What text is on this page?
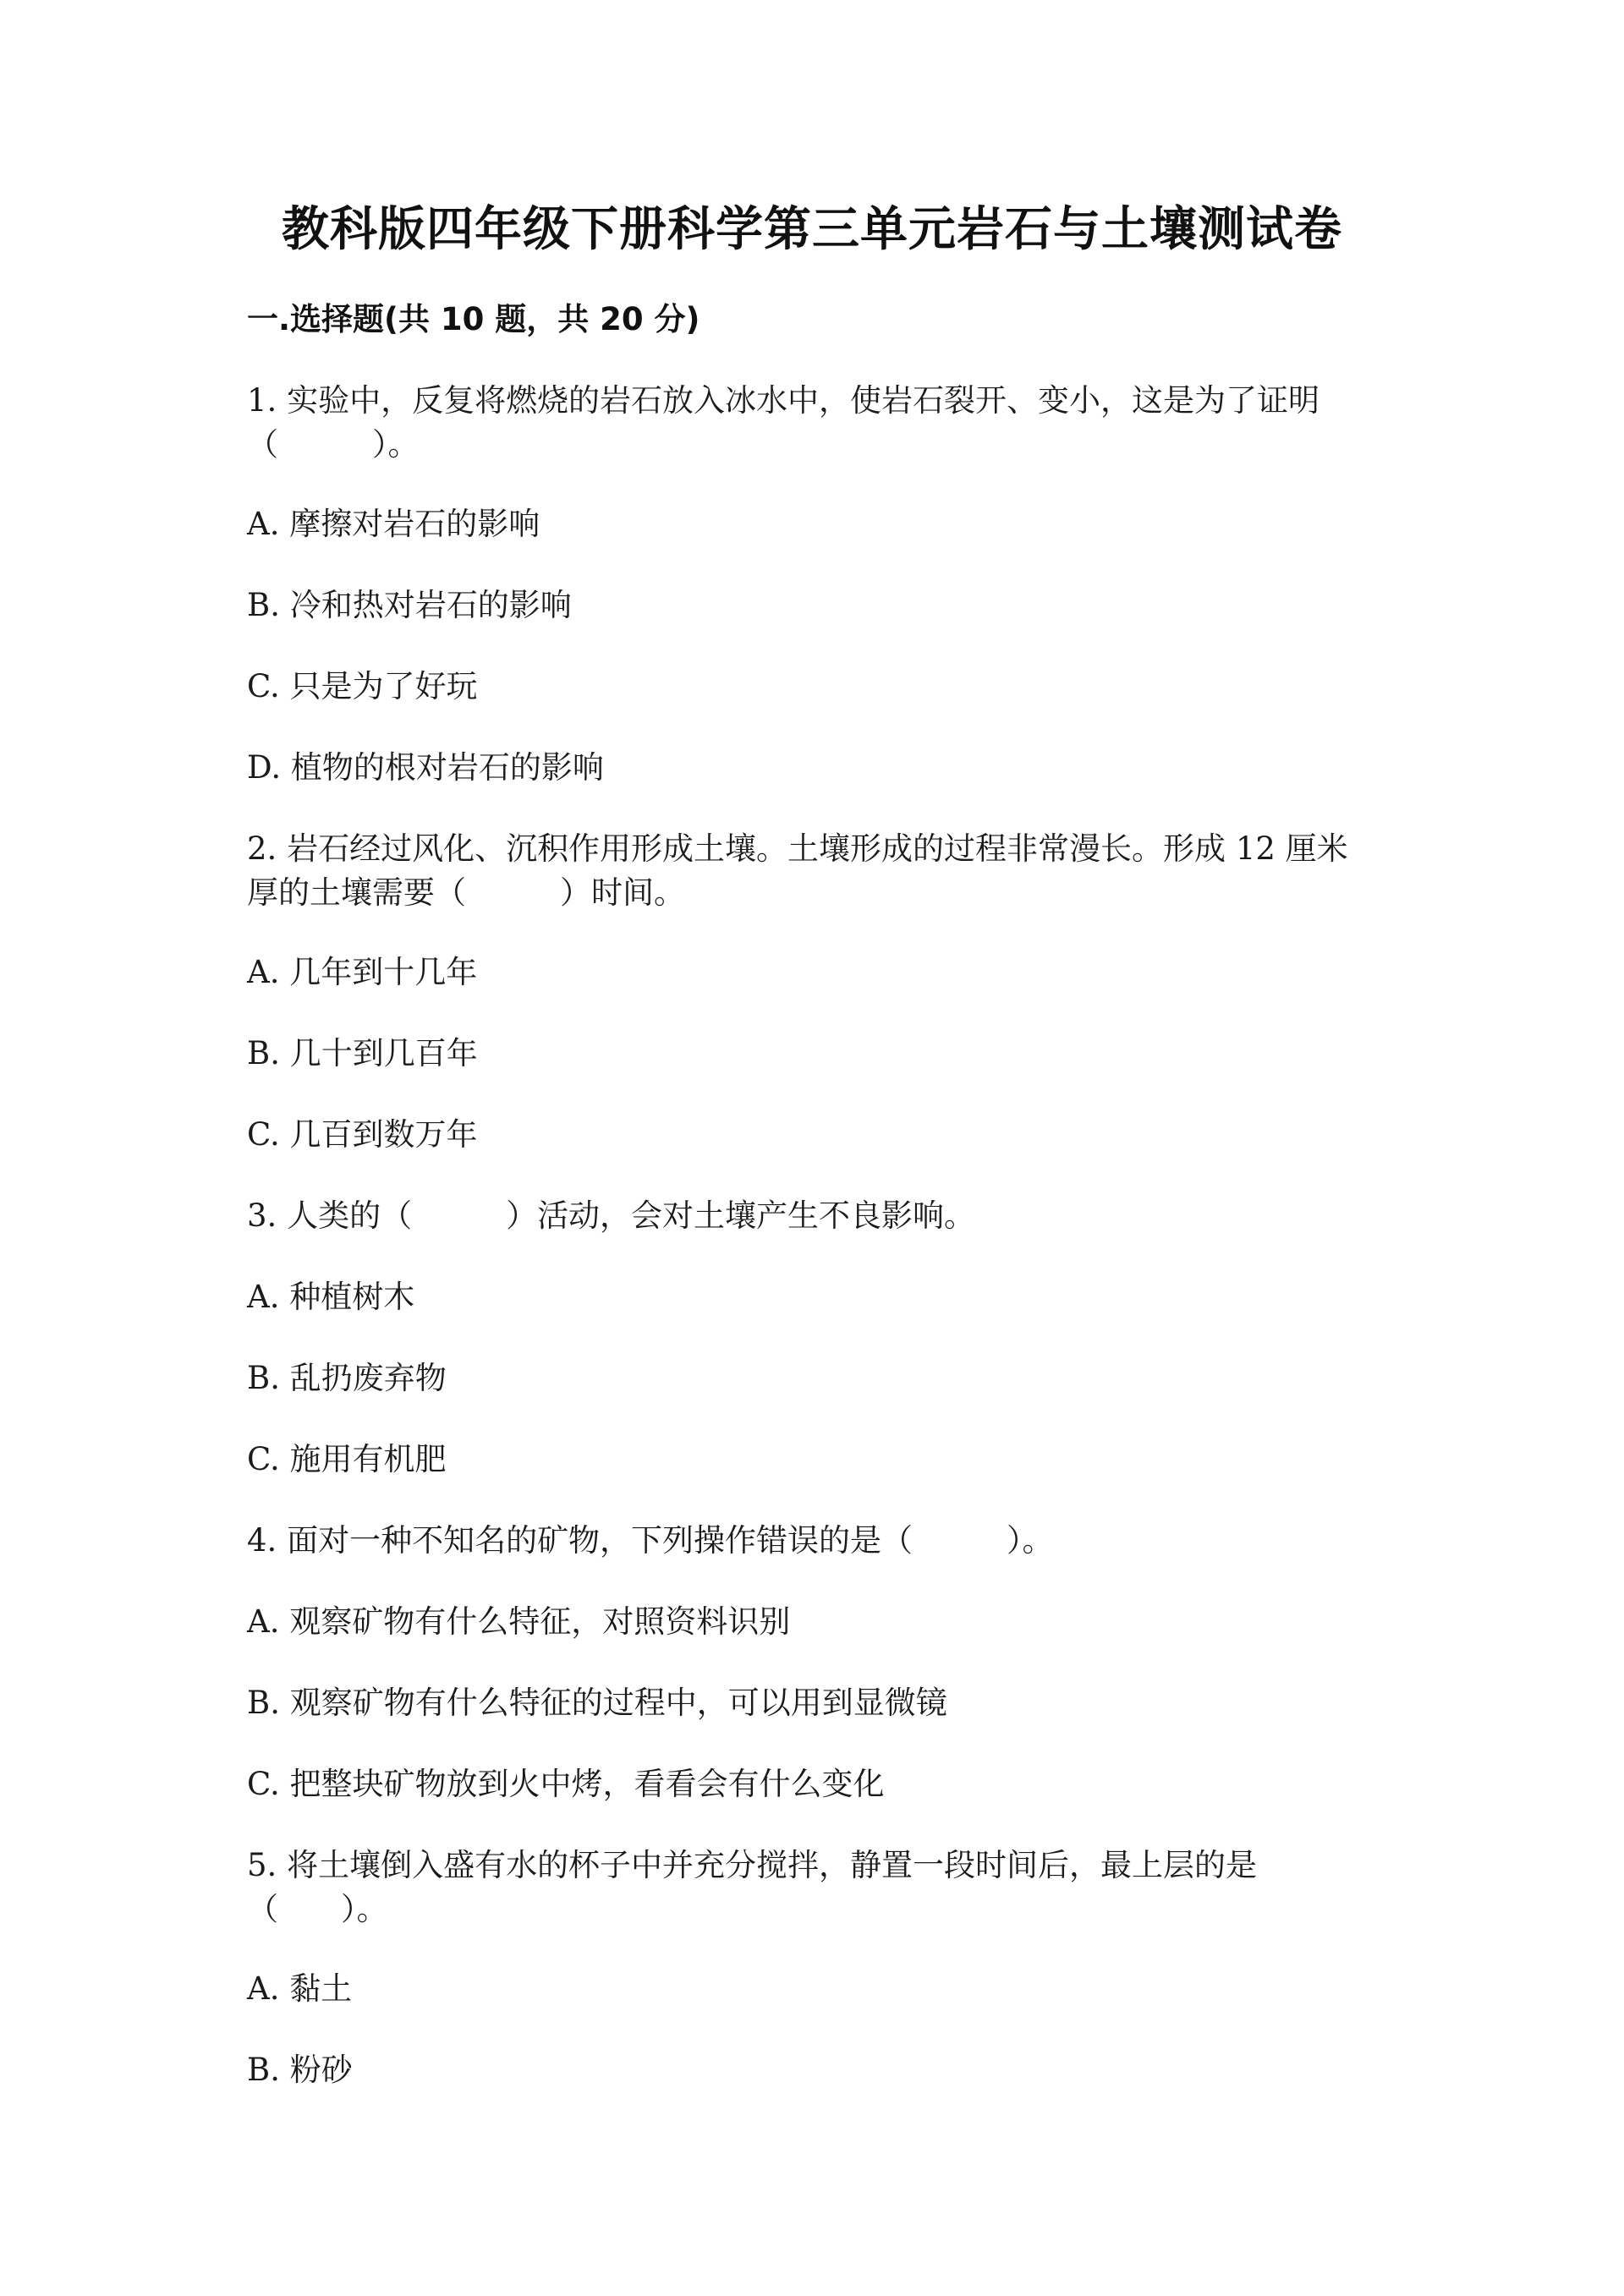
教科版四年级下册科学第三单元岩石与土壤测试卷
一.选择题(共 10 题，共 20 分)
1. 实验中，反复将燃烧的岩石放入冰水中，使岩石裂开、变小，这是为了证明
（　　　）。
A. 摩擦对岩石的影响
B. 冷和热对岩石的影响
C. 只是为了好玩
D. 植物的根对岩石的影响
2. 岩石经过风化、沉积作用形成土壤。土壤形成的过程非常漫长。形成 12 厘米
厚的土壤需要（　　　）时间。
A. 几年到十几年
B. 几十到几百年
C. 几百到数万年
3. 人类的（　　　）活动，会对土壤产生不良影响。
A. 种植树木
B. 乱扔废弃物
C. 施用有机肥
4. 面对一种不知名的矿物，下列操作错误的是（　　　）。
A. 观察矿物有什么特征，对照资料识别
B. 观察矿物有什么特征的过程中，可以用到显微镜
C. 把整块矿物放到火中烤，看看会有什么变化
5. 将土壤倒入盛有水的杯子中并充分搅拌，静置一段时间后，最上层的是
（　　）。
A. 黏土
B. 粉砂
